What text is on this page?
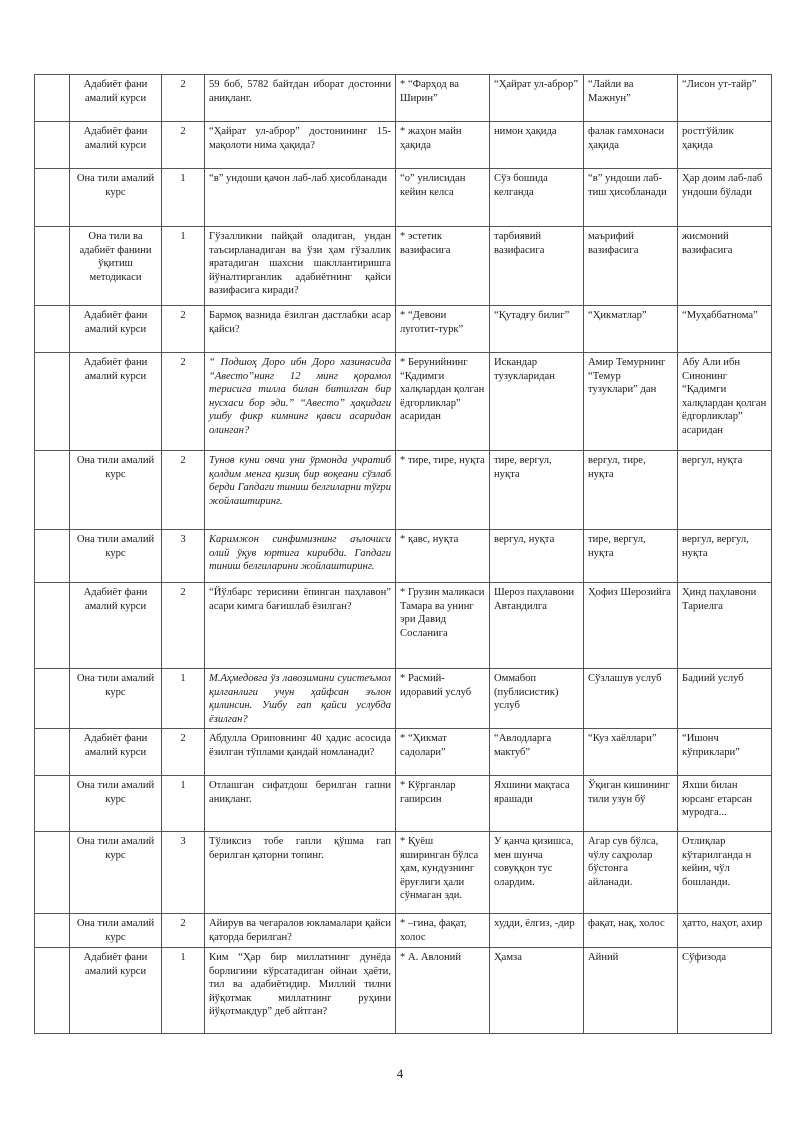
	Адабиёт фани амалий курси	2	59 боб, 5782 байтдан иборат достонни аниқланг.	* “Фарҳод ва Ширин”	“Ҳайрат ул-аброр”	“Лайли ва Мажнун”	“Лисон ут-тайр”
	Адабиёт фани амалий курси	2	“Ҳайрат ул-аброр” достонининг 15-мақолоти нима ҳақида?	* жаҳон майн ҳақида	нимон ҳақида	фалак гамхонаси ҳақида	ростгўйлик ҳақида
	Она тили амалий курс	1	“в” ундоши қачон лаб-лаб ҳисобланади	“о” унлисидан кейин келса	Сўз бошида келганда	“в” ундоши лаб-тиш ҳисобланади	Ҳар доим лаб-лаб ундоши бўлади
	Она тили ва адабиёт фанини ўқитиш методикаси	1	Гўзалликни пайқай оладиган, ундан таъсирланадиган ва ўзи ҳам гўзаллик яратадиган шахсни шакллантиришга йўналтирганлик адабиётнинг қайси вазифасига киради?	* эстетик вазифасига	тарбиявий вазифасига	маърифий вазифасига	жисмоний вазифасига
	Адабиёт фани амалий курси	2	Бармоқ вазнида ёзилган дастлабки асар қайси?	* “Девони луготит-турк”	“Қутадғу билиг”	“Ҳикматлар”	“Муҳаббатнома”
	Адабиёт фани амалий курси	2	“ Подшоҳ Доро ибн Доро хазинасида “Авесто”нинг 12 минг қорамол терисига тилла билан битилган бир нусхаси бор эди.” “Авесто” ҳақидаги ушбу фикр кимнинг қавси асаридан олинган?	* Берунийнинг “Қадимги халқлардан қолган ёдгорликлар” асаридан	Искандар тузукларидан	Амир Темурнинг “Темур тузуклари” дан	Абу Али ибн Синонинг “Қадимги халқлардан қолган ёдгорликлар” асаридан
	Она тили амалий курс	2	Тунов куни овчи уни ўрмонда учратиб қолдим менга қизиқ бир воқеани сўзлаб берди Гапдаги тиниш белгиларни тўғри жойлаштиринг.	* тире, тире, нуқта	тире, вергул, нуқта	вергул, тире, нуқта	вергул, нуқта
	Она тили амалий курс	3	Каримжон синфимизнинг аълочиси олий ўқув юртига кирибди. Гапдаги тиниш белгиларини жойлаштиринг.	* қавс, нуқта	вергул, нуқта	тире, вергул, нуқта	вергул, вергул, нуқта
	Адабиёт фани амалий курси	2	“Йўлбарс терисини ёпинган паҳлавон” асари кимга бағишлаб ёзилган?	* Грузин маликаси Тамара ва унинг эри Давид Сосланига	Шероз паҳлавони Автандилга	Ҳофиз Шерозийга	Ҳинд паҳлавони Тариелга
	Она тили амалий курс	1	М.Аҳмедовга ўз лавозимини суистеъмол қилганлиги учун ҳайфсан эълон қилинсин. Ушбу гап қайси услубда ёзилган?	* Расмий-идоравий услуб	Оммабоп (публисистик) услуб	Сўзлашув услуб	Бадиий услуб
	Адабиёт фани амалий курси	2	Абдулла Ориповнинг 40 ҳадис асосида ёзилган тўплами қандай номланади?	* “Ҳикмат садолари”	“Авлодларга мактуб”	“Куз хаёллари”	“Ишонч кўприклари”
	Она тили амалий курс	1	Отлашган сифатдош берилган гапни аниқланг.	* Кўрганлар гапирсин	Яхшини мақтаса ярашади	Ўқиган кишининг тили узун бў	Яхши билан юрсанг етарсан муродга...
	Она тили амалий курс	3	Тўликсиз тобе гапли қўшма гап берилган қаторни топинг.	* Қуёш яширинган бўлса ҳам, кундузнинг ёруғлиги ҳали сўнмаган эди.	У қанча қизишса, мен шунча совуққон тус олардим.	Агар сув бўлса, чўлу саҳролар бўстонга айланади.	Отлиқлар кўтарилганда н кейин, чўл бошланди.
	Она тили амалий курс	2	Айирув ва чегаралов юкламалари қайси қаторда берилган?	* –гина, фақат, холос	худди, ёлгиз, -дир	фақат, нақ, холос	ҳатто, наҳот, ахир
	Адабиёт фани амалий курси	1	Ким “Ҳар бир миллатнинг дунёда борлигини кўрсатадиган ойнаи ҳаёти, тил ва адабиётидир. Миллий тилни йўқотмак миллатнинг руҳини йўқотмакдур” деб айтган?	* А. Авлоний	Ҳамза	Айний	Сўфизода
4
